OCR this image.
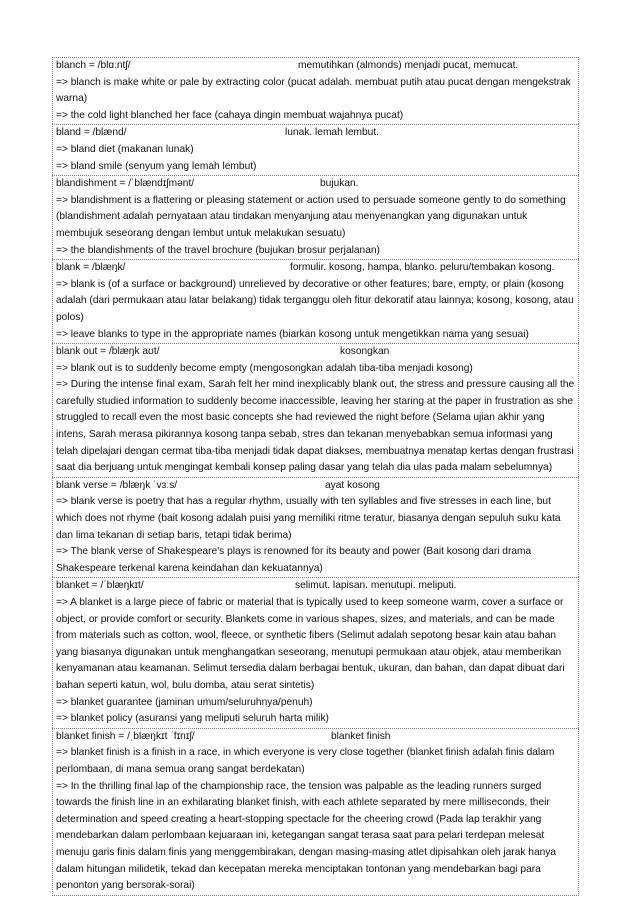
blanch = /blɑːntʃ/	memutihkan (almonds) menjadi pucat, memucat.

=> blanch is make white or pale by extracting color (pucat adalah. membuat putih atau pucat dengan mengekstrak warna)

=> the cold light blanched her face (cahaya dingin membuat wajahnya pucat)

bland = /blænd/	lunak. lemah lembut.

=> bland diet (makanan lunak)

=> bland smile (senyum yang lemah lembut)

blandishment = /ˈblændɪʃmənt/	bujukan.

=> blandishment is a flattering or pleasing statement or action used to persuade someone gently to do something (blandishment adalah pernyataan atau tindakan menyanjung atau menyenangkan yang digunakan untuk membujuk seseorang dengan lembut untuk melakukan sesuatu)

=> the blandishments of the travel brochure (bujukan brosur perjalanan)

blank = /blæŋk/	formulir. kosong, hampa, blanko. peluru/tembakan kosong.

=> blank is (of a surface or background) unrelieved by decorative or other features; bare, empty, or plain (kosong adalah (dari permukaan atau latar belakang) tidak terganggu oleh fitur dekoratif atau lainnya; kosong, kosong, atau polos)

=> leave blanks to type in the appropriate names (biarkan kosong untuk mengetikkan nama yang sesuai)

blank out = /blæŋk aʊt/	kosongkan

=> blank out is to suddenly become empty (mengosongkan adalah tiba-tiba menjadi kosong)

=> During the intense final exam, Sarah felt her mind inexplicably blank out, the stress and pressure causing all the carefully studied information to suddenly become inaccessible, leaving her staring at the paper in frustration as she struggled to recall even the most basic concepts she had reviewed the night before (Selama ujian akhir yang intens, Sarah merasa pikirannya kosong tanpa sebab, stres dan tekanan menyebabkan semua informasi yang telah dipelajari dengan cermat tiba-tiba menjadi tidak dapat diakses, membuatnya menatap kertas dengan frustrasi saat dia berjuang untuk mengingat kembali konsep paling dasar yang telah dia ulas pada malam sebelumnya)

blank verse = /blæŋk ˈvɜːs/	ayat kosong

=> blank verse is poetry that has a regular rhythm, usually with ten syllables and five stresses in each line, but which does not rhyme (bait kosong adalah puisi yang memiliki ritme teratur, biasanya dengan sepuluh suku kata dan lima tekanan di setiap baris, tetapi tidak berima)

=> The blank verse of Shakespeare's plays is renowned for its beauty and power (Bait kosong dari drama Shakespeare terkenal karena keindahan dan kekuatannya)

blanket = /ˈblæŋkɪt/	selimut. lapisan. menutupi. meliputi.

=> A blanket is a large piece of fabric or material that is typically used to keep someone warm, cover a surface or object, or provide comfort or security. Blankets come in various shapes, sizes, and materials, and can be made from materials such as cotton, wool, fleece, or synthetic fibers (Selimut adalah sepotong besar kain atau bahan yang biasanya digunakan untuk menghangatkan seseorang, menutupi permukaan atau objek, atau memberikan kenyamanan atau keamanan. Selimut tersedia dalam berbagai bentuk, ukuran, dan bahan, dan dapat dibuat dari bahan seperti katun, wol, bulu domba, atau serat sintetis)

=> blanket guarantee (jaminan umum/seluruhnya/penuh)

=> blanket policy (asuransi yang meliputi seluruh harta milik)

blanket finish = /ˌblæŋkɪt ˈfɪnɪʃ/	blanket finish

=> blanket finish is a finish in a race, in which everyone is very close together (blanket finish adalah finis dalam perlombaan, di mana semua orang sangat berdekatan)

=> In the thrilling final lap of the championship race, the tension was palpable as the leading runners surged towards the finish line in an exhilarating blanket finish, with each athlete separated by mere milliseconds, their determination and speed creating a heart-stopping spectacle for the cheering crowd (Pada lap terakhir yang mendebarkan dalam perlombaan kejuaraan ini, ketegangan sangat terasa saat para pelari terdepan melesat menuju garis finis dalam finis yang menggembirakan, dengan masing-masing atlet dipisahkan oleh jarak hanya dalam hitungan milidetik, tekad dan kecepatan mereka menciptakan tontonan yang mendebarkan bagi para penonton yang bersorak-sorai)
